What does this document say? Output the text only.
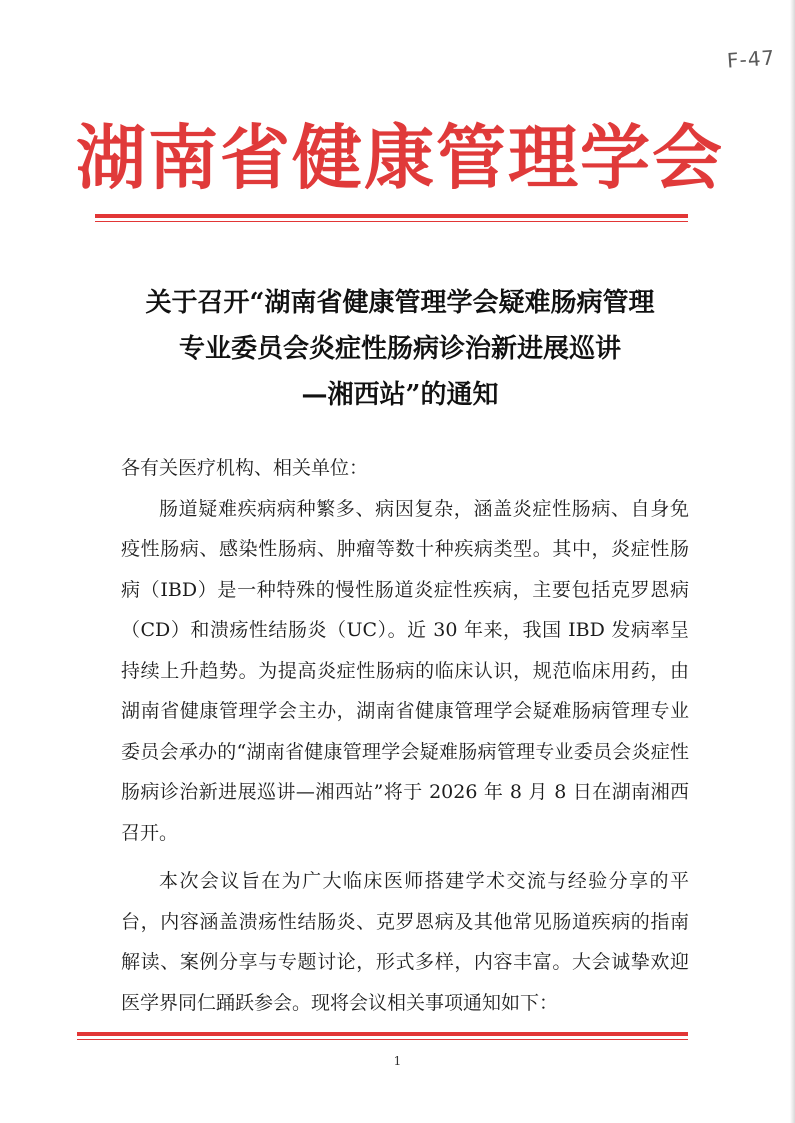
F-47
湖南省健康管理学会
关于召开“湖南省健康管理学会疑难肠病管理
专业委员会炎症性肠病诊治新进展巡讲
—湘西站”的通知

各有关医疗机构、相关单位：

肠道疑难疾病病种繁多、病因复杂，涵盖炎症性肠病、自身免疫性肠病、感染性肠病、肿瘤等数十种疾病类型。其中，炎症性肠病（IBD）是一种特殊的慢性肠道炎症性疾病，主要包括克罗恩病（CD）和溃疡性结肠炎（UC）。近 30 年来，我国 IBD 发病率呈持续上升趋势。为提高炎症性肠病的临床认识，规范临床用药，由湖南省健康管理学会主办，湖南省健康管理学会疑难肠病管理专业委员会承办的“湖南省健康管理学会疑难肠病管理专业委员会炎症性肠病诊治新进展巡讲—湘西站”将于 2026 年 8 月 8 日在湖南湘西召开。

本次会议旨在为广大临床医师搭建学术交流与经验分享的平台，内容涵盖溃疡性结肠炎、克罗恩病及其他常见肠道疾病的指南解读、案例分享与专题讨论，形式多样，内容丰富。大会诚挚欢迎医学界同仁踊跃参会。现将会议相关事项通知如下：

1
